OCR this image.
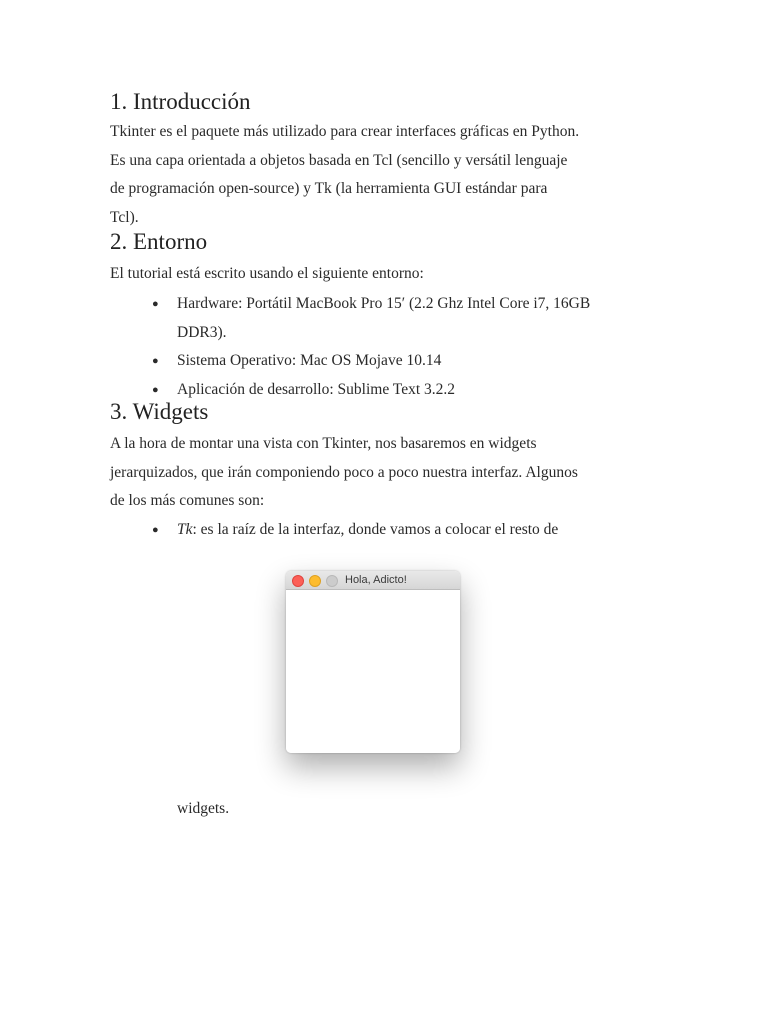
1. Introducción

Tkinter es el paquete más utilizado para crear interfaces gráficas en Python.
Es una capa orientada a objetos basada en Tcl (sencillo y versátil lenguaje
de programación open-source) y Tk (la herramienta GUI estándar para
Tcl).

2. Entorno

El tutorial está escrito usando el siguiente entorno:

● Hardware: Portátil MacBook Pro 15′ (2.2 Ghz Intel Core i7, 16GB
DDR3).
● Sistema Operativo: Mac OS Mojave 10.14
● Aplicación de desarrollo: Sublime Text 3.2.2
3. Widgets

A la hora de montar una vista con Tkinter, nos basaremos en widgets
jerarquizados, que irán componiendo poco a poco nuestra interfaz. Algunos
de los más comunes son:

● Tk: es la raíz de la interfaz, donde vamos a colocar el resto de
Hola, Adicto!

widgets.
